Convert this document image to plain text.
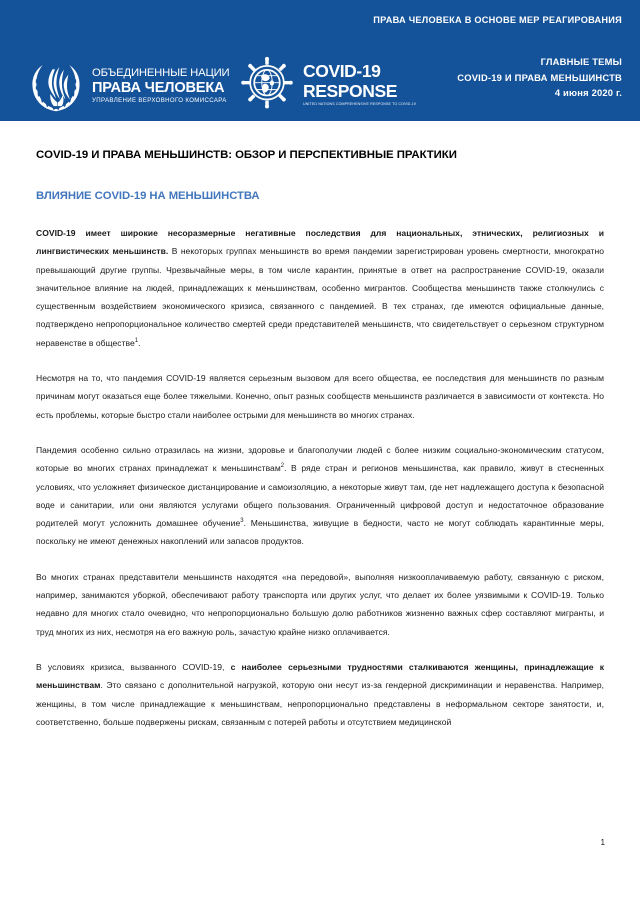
ПРАВА ЧЕЛОВЕКА В ОСНОВЕ МЕР РЕАГИРОВАНИЯ
ГЛАВНЫЕ ТЕМЫ
COVID-19 И ПРАВА МЕНЬШИНСТВ
4 июня 2020 г.
ОБЪЕДИНЕННЫЕ НАЦИИ
ПРАВА ЧЕЛОВЕКА
УПРАВЛЕНИЕ ВЕРХОВНОГО КОМИССАРА
COVID-19
RESPONSE
UNITED NATIONS COMPREHENSIVE RESPONSE TO COVID-19
COVID-19 И ПРАВА МЕНЬШИНСТВ: ОБЗОР И ПЕРСПЕКТИВНЫЕ ПРАКТИКИ
ВЛИЯНИЕ COVID-19 НА МЕНЬШИНСТВА

COVID-19 имеет широкие несоразмерные негативные последствия для национальных, этнических, религиозных и лингвистических меньшинств. В некоторых группах меньшинств во время пандемии зарегистрирован уровень смертности, многократно превышающий другие группы. Чрезвычайные меры, в том числе карантин, принятые в ответ на распространение COVID-19, оказали значительное влияние на людей, принадлежащих к меньшинствам, особенно мигрантов. Сообщества меньшинств также столкнулись с существенным воздействием экономического кризиса, связанного с пандемией. В тех странах, где имеются официальные данные, подтверждено непропорциональное количество смертей среди представителей меньшинств, что свидетельствует о серьезном структурном неравенстве в обществе$^1$.

Несмотря на то, что пандемия COVID-19 является серьезным вызовом для всего общества, ее последствия для меньшинств по разным причинам могут оказаться еще более тяжелыми. Конечно, опыт разных сообществ меньшинств различается в зависимости от контекста. Но есть проблемы, которые быстро стали наиболее острыми для меньшинств во многих странах.

Пандемия особенно сильно отразилась на жизни, здоровье и благополучии людей с более низким социально-экономическим статусом, которые во многих странах принадлежат к меньшинствам$^2$. В ряде стран и регионов меньшинства, как правило, живут в стесненных условиях, что усложняет физическое дистанцирование и самоизоляцию, а некоторые живут там, где нет надлежащего доступа к безопасной воде и санитарии, или они являются услугами общего пользования. Ограниченный цифровой доступ и недостаточное образование родителей могут усложнить домашнее обучение$^3$. Меньшинства, живущие в бедности, часто не могут соблюдать карантинные меры, поскольку не имеют денежных накоплений или запасов продуктов.

Во многих странах представители меньшинств находятся «на передовой», выполняя низкооплачиваемую работу, связанную с риском, например, занимаются уборкой, обеспечивают работу транспорта или других услуг, что делает их более уязвимыми к COVID-19. Только недавно для многих стало очевидно, что непропорционально большую долю работников жизненно важных сфер составляют мигранты, и труд многих из них, несмотря на его важную роль, зачастую крайне низко оплачивается.

В условиях кризиса, вызванного COVID-19, с наиболее серьезными трудностями сталкиваются женщины, принадлежащие к меньшинствам. Это связано с дополнительной нагрузкой, которую они несут из-за гендерной дискриминации и неравенства. Например, женщины, в том числе принадлежащие к меньшинствам, непропорционально представлены в неформальном секторе занятости, и, соответственно, больше подвержены рискам, связанным с потерей работы и отсутствием медицинской

1
